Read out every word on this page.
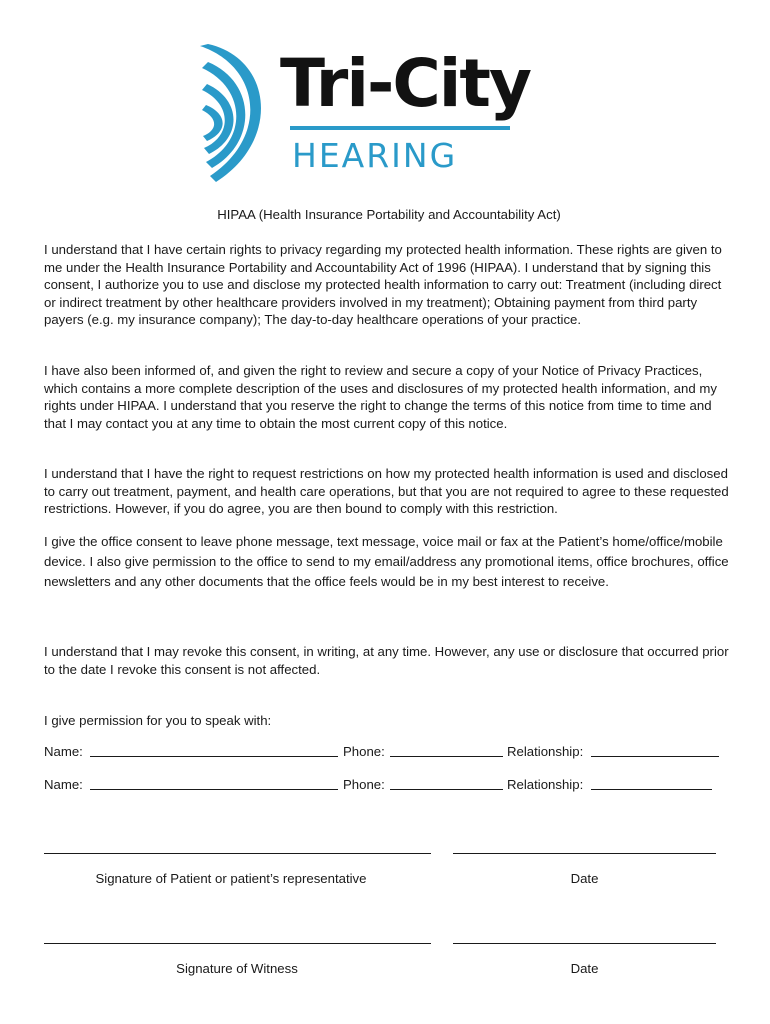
Tri-City
HEARING

HIPAA (Health Insurance Portability and Accountability Act)

I understand that I have certain rights to privacy regarding my protected health information. These rights are given to me under the Health Insurance Portability and Accountability Act of 1996 (HIPAA). I understand that by signing this consent, I authorize you to use and disclose my protected health information to carry out: Treatment (including direct or indirect treatment by other healthcare providers involved in my treatment); Obtaining payment from third party payers (e.g. my insurance company); The day-to-day healthcare operations of your practice.

I have also been informed of, and given the right to review and secure a copy of your Notice of Privacy Practices, which contains a more complete description of the uses and disclosures of my protected health information, and my rights under HIPAA. I understand that you reserve the right to change the terms of this notice from time to time and that I may contact you at any time to obtain the most current copy of this notice.

I understand that I have the right to request restrictions on how my protected health information is used and disclosed to carry out treatment, payment, and health care operations, but that you are not required to agree to these requested restrictions. However, if you do agree, you are then bound to comply with this restriction.

I give the office consent to leave phone message, text message, voice mail or fax at the Patient’s home/office/mobile device. I also give permission to the office to send to my email/address any promotional items, office brochures, office newsletters and any other documents that the office feels would be in my best interest to receive.

I understand that I may revoke this consent, in writing, at any time. However, any use or disclosure that occurred prior to the date I revoke this consent is not affected.

I give permission for you to speak with:

Name:	Phone:	Relationship:
Name:	Phone:	Relationship:
Signature of Patient or patient’s representative	Date
Signature of Witness	Date
